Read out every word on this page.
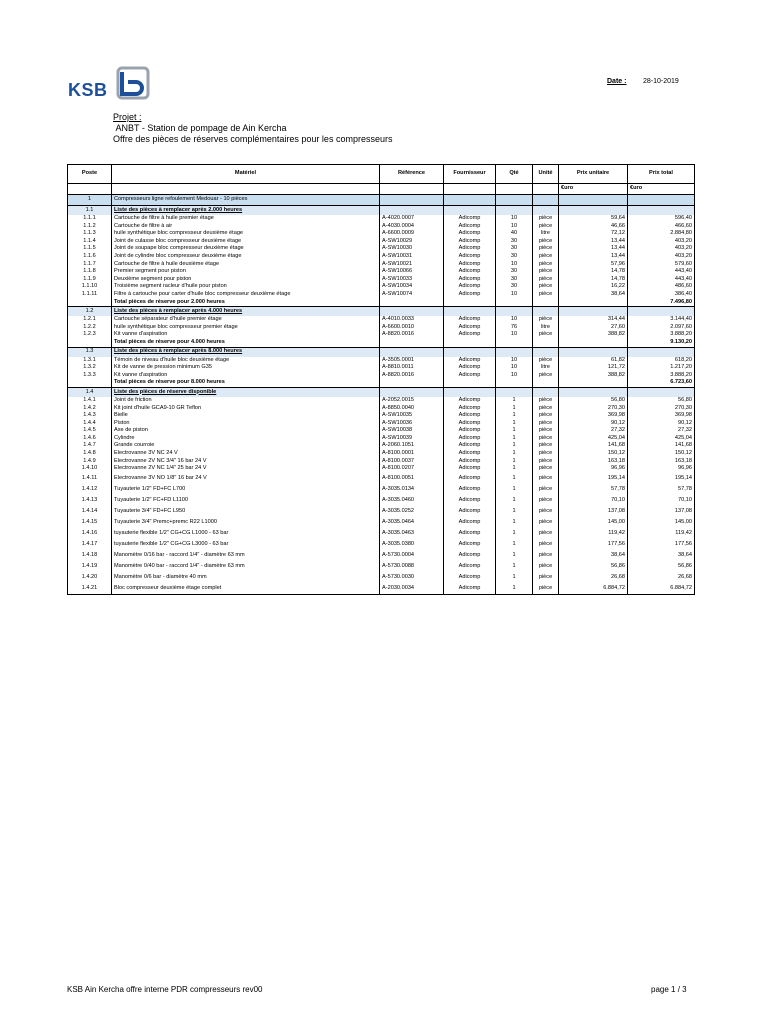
KSB	Date : 28-10-2019
Projet :
ANBT - Station de pompage de Ain Kercha
Offre des pièces de réserves complémentaires pour les compresseurs
Poste	Matériel	Référence	Fournisseur	Qté	Unité	Prix unitaire	Prix total
						€uro	€uro
1	Compresseurs ligne refoulement Medouar - 10 pièces						
1.1	Liste des pièces à remplacer après 2.000 heures						
1.1.1	Cartouche de filtre à huile premier étage	A-4020.0007	Adicomp	10	pièce	59,64	596,40
1.1.2	Cartouche de filtre à air	A-4030.0004	Adicomp	10	pièce	46,66	466,60
1.1.3	huile synthétique bloc compresseur deuxième étage	A-6600.0009	Adicomp	40	litre	72,12	2.884,80
1.1.4	Joint de culasse bloc compresseur deuxième étage	A-SW10029	Adicomp	30	pièce	13,44	403,20
1.1.5	Joint de soupape bloc compresseur deuxième étage	A-SW10030	Adicomp	30	pièce	13,44	403,20
1.1.6	Joint de cylindre bloc compresseur deuxième étage	A-SW10031	Adicomp	30	pièce	13,44	403,20
1.1.7	Cartouche de filtre à huile deuxième étage	A-SW10021	Adicomp	10	pièce	57,96	579,60
1.1.8	Premier segment pour piston	A-SW10066	Adicomp	30	pièce	14,78	443,40
1.1.9	Deuxième segment pour piston	A-SW10033	Adicomp	30	pièce	14,78	443,40
1.1.10	Troisième segment racleur d'huile pour piston	A-SW10034	Adicomp	30	pièce	16,22	486,60
1.1.11	Filtre à cartouche pour carter d'huile bloc compresseur deuxième étage	A-SW10074	Adicomp	10	pièce	38,64	386,40
	Total pièces de réserve pour 2.000 heures						7.496,80
1.2	Liste des pièces à remplacer après 4.000 heures						
1.2.1	Cartouche séparateur d'huile premier étage	A-4010.0033	Adicomp	10	pièce	314,44	3.144,40
1.2.2	huile synthétique bloc compresseur premier étage	A-6600.0010	Adicomp	76	litre	27,60	2.097,60
1.2.3	Kit vanne d'aspiration	A-8820.0016	Adicomp	10	pièce	388,82	3.888,20
	Total pièces de réserve pour 4.000 heures						9.130,20
1.3	Liste des pièces à remplacer après 8.000 heures						
1.3.1	Témoin de niveau d'huile bloc deuxième étage	A-3505.0001	Adicomp	10	pièce	61,82	618,20
1.3.2	Kit de vanne de pression minimum G35	A-8810.0011	Adicomp	10	litre	121,72	1.217,20
1.3.3	Kit vanne d'aspiration	A-8820.0016	Adicomp	10	pièce	388,82	3.888,20
	Total pièces de réserve pour 8.000 heures						6.723,60
1.4	Liste des pièces de réserve disponible						
1.4.1	Joint de friction	A-2052.0015	Adicomp	1	pièce	56,80	56,80
1.4.2	Kit joint d'huile GCA9-10 GR Teflon	A-8850.0040	Adicomp	1	pièce	270,30	270,30
1.4.3	Bielle	A-SW10035	Adicomp	1	pièce	369,98	369,98
1.4.4	Piston	A-SW10036	Adicomp	1	pièce	90,12	90,12
1.4.5	Axe de piston	A-SW10038	Adicomp	1	pièce	27,32	27,32
1.4.6	Cylindre	A-SW10039	Adicomp	1	pièce	425,04	425,04
1.4.7	Grande courroie	A-2060.1051	Adicomp	1	pièce	141,68	141,68
1.4.8	Electrovanne 3V NC 24 V	A-8100.0001	Adicomp	1	pièce	150,12	150,12
1.4.9	Electrovanne 2V NC 3/4" 16 bar 24 V	A-8100.0037	Adicomp	1	pièce	163,18	163,18
1.4.10	Electrovanne 2V NC 1/4" 25 bar 24 V	A-8100.0207	Adicomp	1	pièce	96,96	96,96
1.4.11	Electrovanne 3V NO 1/8" 16 bar 24 V	A-8100.0051	Adicomp	1	pièce	195,14	195,14
1.4.12	Tuyauterie 1/2" FD+FC L700	A-3035.0134	Adicomp	1	pièce	57,78	57,78
1.4.13	Tuyauterie 1/2" FC+FD L1100	A-3035.0460	Adicomp	1	pièce	70,10	70,10
1.4.14	Tuyauterie 3/4" FD+FC L950	A-3035.0252	Adicomp	1	pièce	137,08	137,08
1.4.15	Tuyauterie 3/4" Premc+premc R22 L1000	A-3035.0464	Adicomp	1	pièce	145,00	145,00
1.4.16	tuyauterie flexible 1/2" CG+CG L1000 - 63 bar	A-3035.0463	Adicomp	1	pièce	119,42	119,42
1.4.17	tuyauterie flexible 1/2" CG+CG L3000 - 63 bar	A-3035.0380	Adicomp	1	pièce	177,56	177,56
1.4.18	Manomètre 0/16 bar - raccord 1/4" - diamètre 63 mm	A-5730.0004	Adicomp	1	pièce	38,64	38,64
1.4.19	Manomètre 0/40 bar - raccord 1/4" - diamètre 63 mm	A-5730.0088	Adicomp	1	pièce	56,86	56,86
1.4.20	Manomètre 0/6 bar - diamètre 40 mm	A-5730.0030	Adicomp	1	pièce	26,68	26,68
1.4.21	Bloc compresseur deuxième étage complet	A-2030.0034	Adicomp	1	pièce	6.884,72	6.884,72
KSB Ain Kercha offre interne PDR compresseurs rev00	page 1 / 3
